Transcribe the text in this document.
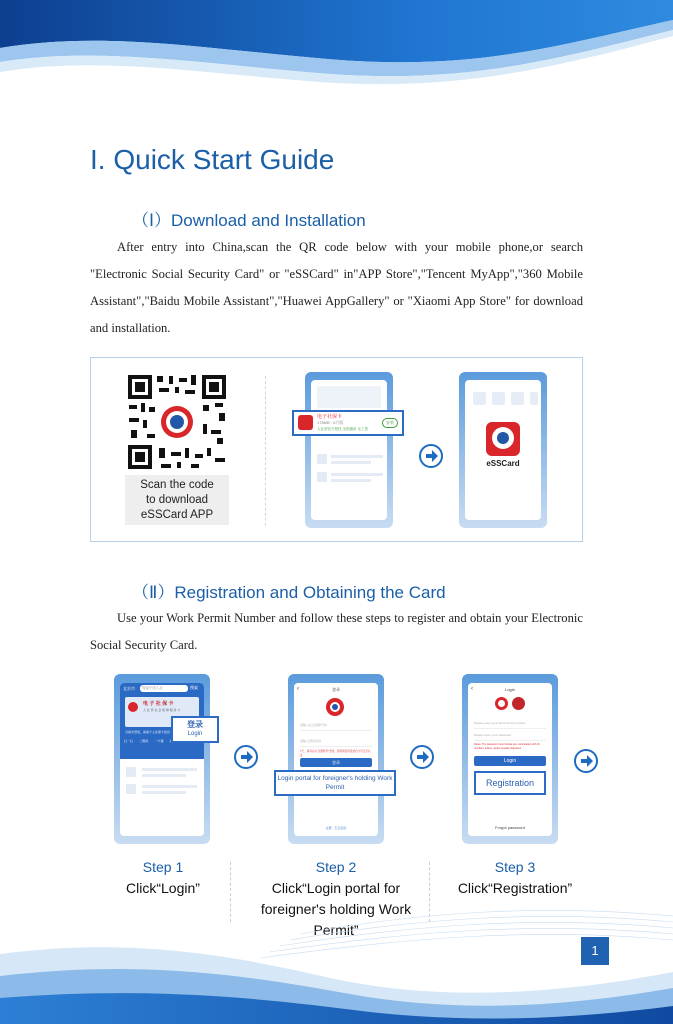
I. Quick Start Guide
（Ⅰ）Download and Installation
After entry into China,scan the QR code below with your mobile phone,or search "Electronic Social Security Card" or "eSSCard" in"APP Store","Tencent MyApp","360 Mobile Assistant","Baidu Mobile Assistant","Huawei AppGallery" or "Xiaomi App Store" for download and installation.
Scan the code
to download
eSSCard APP
电子社保卡
178MB · 6月版
人社部官方授权 全国通用 无工资
安装
eSSCard
（Ⅱ）Registration and Obtaining the Card
Use your Work Permit Number and follow these steps to register and obtain your Electronic Social Security Card.
北京市	搜索中国人社	搜索
电 子 社 保 卡
人 社 部 社 会 保 障 服 务 卡
当前未登录，查看个人社保卡信息
扫一扫 二维码 一卡通
登录
Login
‹	登录
请输入社会保障号码
请输入登录密码
7天，请务必从“注册新号”登录，使用新密码登录后才可正式认证
登录
注册 · 忘记密码
Login portal for foreigner's holding Work Permit
‹	Login
Please enter your Work Permit number
Please enter your password
Notes: The password must include any combination of 8-16 numbers, letters, and/or special characters
Login
Forgot password
Registration
Step 1
Click“Login”
Step 2
Click“Login portal for
foreigner's holding Work
Permit”
Step 3
Click“Registration”
1
